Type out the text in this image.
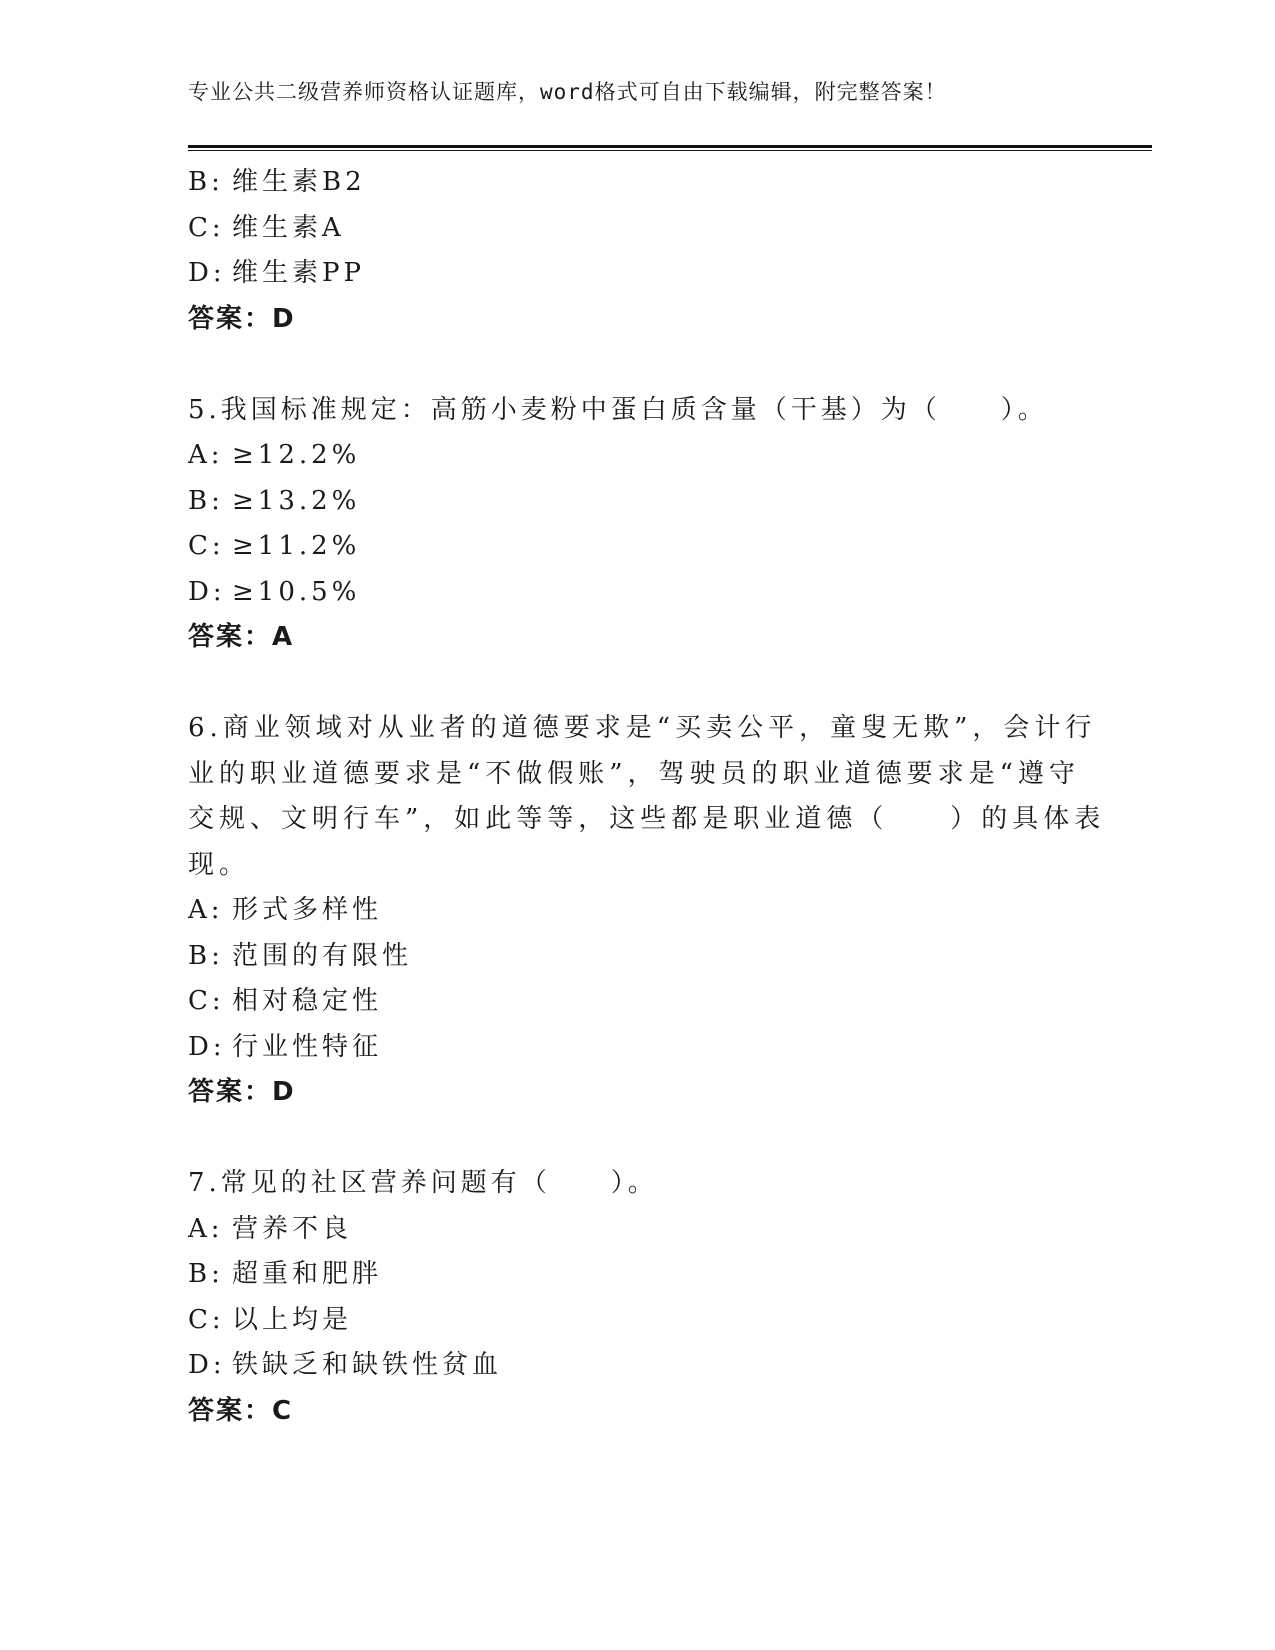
专业公共二级营养师资格认证题库，word格式可自由下载编辑，附完整答案！
B: 维生素B2
C: 维生素A
D: 维生素PP
答案：D
5.我国标准规定：高筋小麦粉中蛋白质含量（干基）为（　　）。
A: ≥12.2%
B: ≥13.2%
C: ≥11.2%
D: ≥10.5%
答案：A
6.商业领域对从业者的道德要求是“买卖公平，童叟无欺”，会计行
业的职业道德要求是“不做假账”，驾驶员的职业道德要求是“遵守
交规、文明行车”，如此等等，这些都是职业道德（　　）的具体表
现。
A: 形式多样性
B: 范围的有限性
C: 相对稳定性
D: 行业性特征
答案：D
7.常见的社区营养问题有（　　）。
A: 营养不良
B: 超重和肥胖
C: 以上均是
D: 铁缺乏和缺铁性贫血
答案：C
